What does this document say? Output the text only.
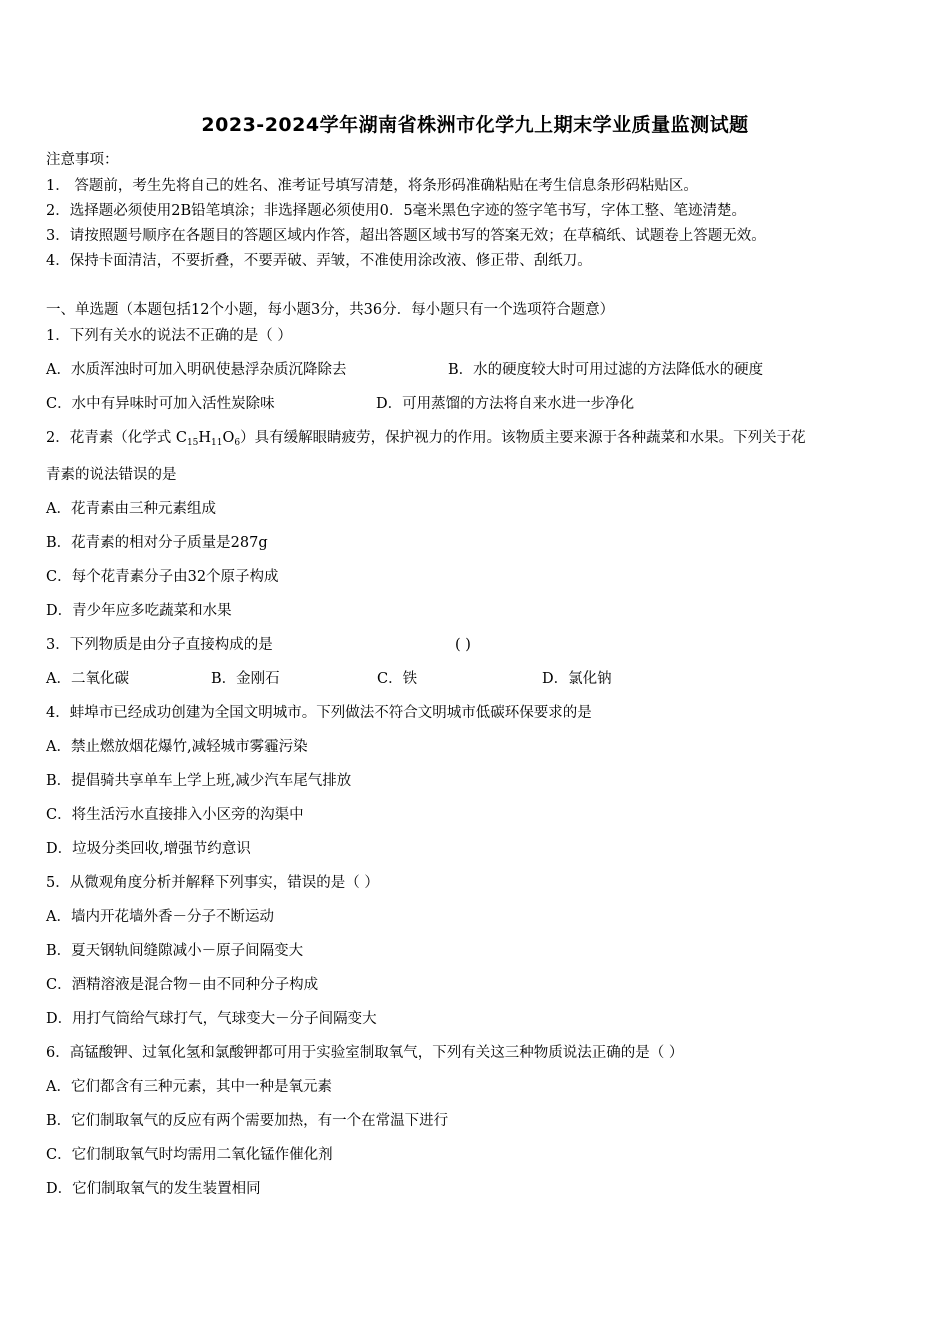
2023-2024学年湖南省株洲市化学九上期末学业质量监测试题
注意事项：
1． 答题前，考生先将自己的姓名、准考证号填写清楚，将条形码准确粘贴在考生信息条形码粘贴区。
2．选择题必须使用2B铅笔填涂；非选择题必须使用0．5毫米黑色字迹的签字笔书写，字体工整、笔迹清楚。
3．请按照题号顺序在各题目的答题区域内作答，超出答题区域书写的答案无效；在草稿纸、试题卷上答题无效。
4．保持卡面清洁，不要折叠，不要弄破、弄皱，不准使用涂改液、修正带、刮纸刀。
一、单选题（本题包括12个小题，每小题3分，共36分．每小题只有一个选项符合题意）
1．下列有关水的说法不正确的是（ ）
A．水质浑浊时可加入明矾使悬浮杂质沉降除去	B．水的硬度较大时可用过滤的方法降低水的硬度
C．水中有异味时可加入活性炭除味	D．可用蒸馏的方法将自来水进一步净化
2．花青素（化学式 $C_{15}H_{11}O_6$）具有缓解眼睛疲劳，保护视力的作用。该物质主要来源于各种蔬菜和水果。下列关于花
青素的说法错误的是
A．花青素由三种元素组成
B．花青素的相对分子质量是287g
C．每个花青素分子由32个原子构成
D．青少年应多吃蔬菜和水果
3．下列物质是由分子直接构成的是	( )
A．二氧化碳	B．金刚石	C．铁	D．氯化钠
4．蚌埠市已经成功创建为全国文明城市。下列做法不符合文明城市低碳环保要求的是
A．禁止燃放烟花爆竹,减轻城市雾霾污染
B．提倡骑共享单车上学上班,减少汽车尾气排放
C．将生活污水直接排入小区旁的沟渠中
D．垃圾分类回收,增强节约意识
5．从微观角度分析并解释下列事实，错误的是（ ）
A．墙内开花墙外香－分子不断运动
B．夏天钢轨间缝隙减小－原子间隔变大
C．酒精溶液是混合物－由不同种分子构成
D．用打气筒给气球打气，气球变大－分子间隔变大
6．高锰酸钾、过氧化氢和氯酸钾都可用于实验室制取氧气，下列有关这三种物质说法正确的是（ ）
A．它们都含有三种元素，其中一种是氧元素
B．它们制取氧气的反应有两个需要加热，有一个在常温下进行
C．它们制取氧气时均需用二氧化锰作催化剂
D．它们制取氧气的发生装置相同
